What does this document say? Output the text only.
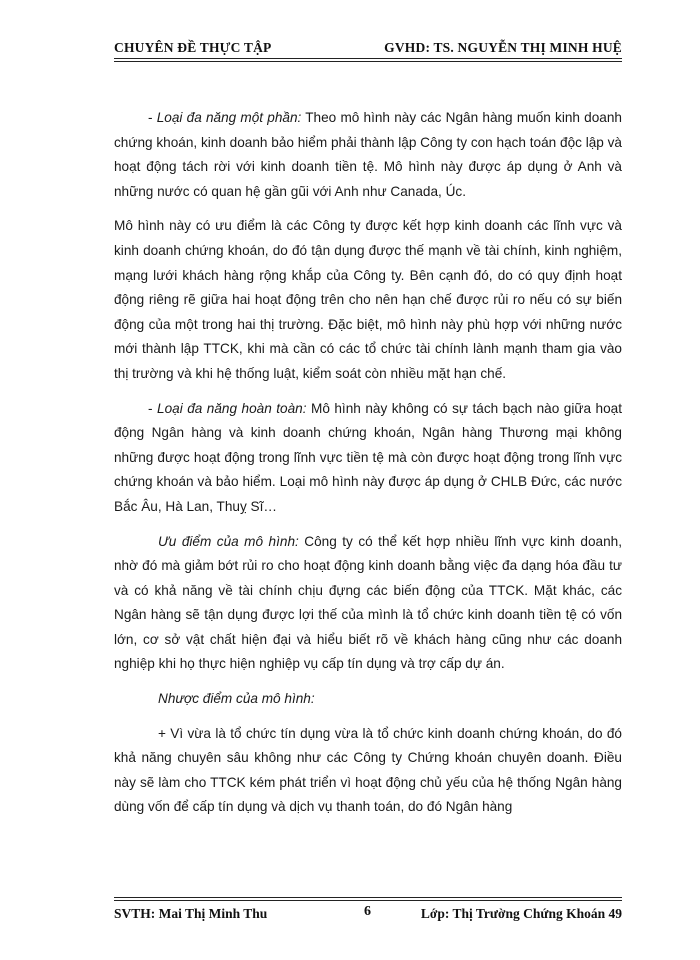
CHUYÊN ĐỀ THỰC TẬP	GVHD: TS. NGUYỄN THỊ MINH HUỆ

- Loại đa năng một phần: Theo mô hình này các Ngân hàng muốn kinh doanh chứng khoán, kinh doanh bảo hiểm phải thành lập Công ty con hạch toán độc lập và hoạt động tách rời với kinh doanh tiền tệ. Mô hình này được áp dụng ở Anh và những nước có quan hệ gần gũi với Anh như Canada, Úc.

Mô hình này có ưu điểm là các Công ty được kết hợp kinh doanh các lĩnh vực và kinh doanh chứng khoán, do đó tận dụng được thế mạnh về tài chính, kinh nghiệm, mạng lưới khách hàng rộng khắp của Công ty. Bên cạnh đó, do có quy định hoạt động riêng rẽ giữa hai hoạt động trên cho nên hạn chế được rủi ro nếu có sự biến động của một trong hai thị trường. Đặc biệt, mô hình này phù hợp với những nước mới thành lập TTCK, khi mà cần có các tổ chức tài chính lành mạnh tham gia vào thị trường và khi hệ thống luật, kiểm soát còn nhiều mặt hạn chế.

- Loại đa năng hoàn toàn: Mô hình này không có sự tách bạch nào giữa hoạt động Ngân hàng và kinh doanh chứng khoán, Ngân hàng Thương mại không những được hoạt động trong lĩnh vực tiền tệ mà còn được hoạt động trong lĩnh vực chứng khoán và bảo hiểm. Loại mô hình này được áp dụng ở CHLB Đức, các nước Bắc Âu, Hà Lan, Thuỵ Sĩ…

Ưu điểm của mô hình: Công ty có thể kết hợp nhiều lĩnh vực kinh doanh, nhờ đó mà giảm bớt rủi ro cho hoạt động kinh doanh bằng việc đa dạng hóa đầu tư và có khả năng về tài chính chịu đựng các biến động của TTCK. Mặt khác, các Ngân hàng sẽ tận dụng được lợi thế của mình là tổ chức kinh doanh tiền tệ có vốn lớn, cơ sở vật chất hiện đại và hiểu biết rõ về khách hàng cũng như các doanh nghiệp khi họ thực hiện nghiệp vụ cấp tín dụng và trợ cấp dự án.

Nhược điểm của mô hình:

+ Vì vừa là tổ chức tín dụng vừa là tổ chức kinh doanh chứng khoán, do đó khả năng chuyên sâu không như các Công ty Chứng khoán chuyên doanh. Điều này sẽ làm cho TTCK kém phát triển vì hoạt động chủ yếu của hệ thống Ngân hàng dùng vốn để cấp tín dụng và dịch vụ thanh toán, do đó Ngân hàng

SVTH: Mai Thị Minh Thu	6	Lớp: Thị Trường Chứng Khoán 49
